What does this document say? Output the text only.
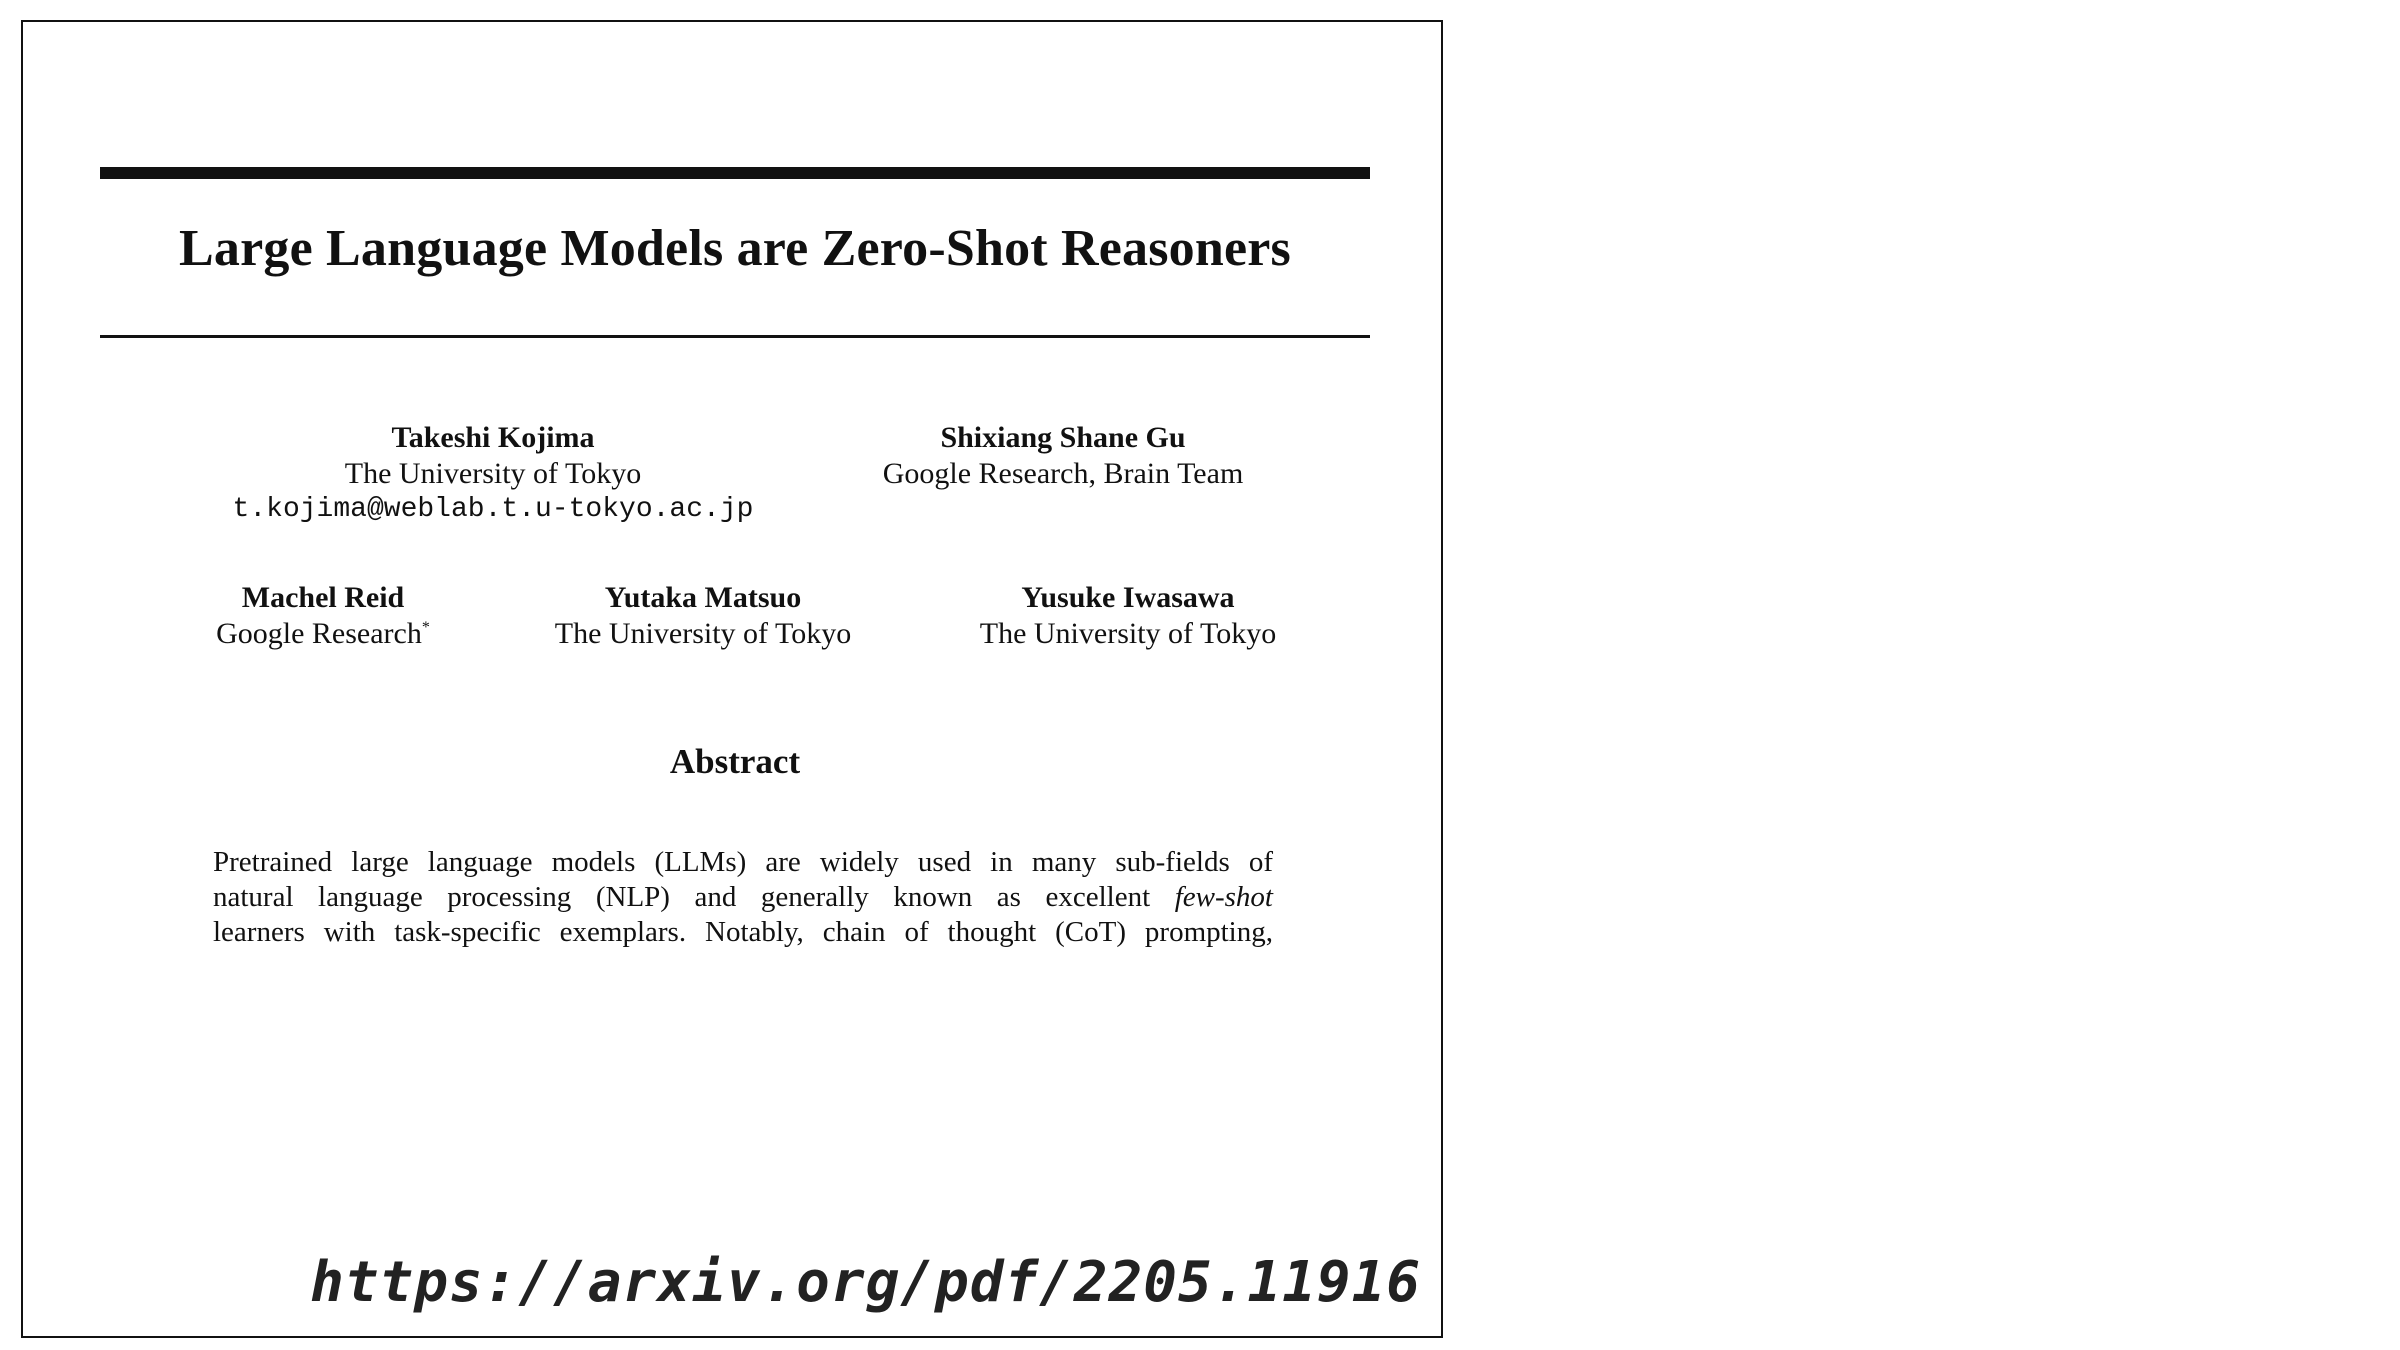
Large Language Models are Zero-Shot Reasoners
Takeshi Kojima
The University of Tokyo
t.kojima@weblab.t.u-tokyo.ac.jp
Shixiang Shane Gu
Google Research, Brain Team
Machel Reid
Google Research*
Yutaka Matsuo
The University of Tokyo
Yusuke Iwasawa
The University of Tokyo
Abstract
Pretrained large language models (LLMs) are widely used in many sub-fields of
natural language processing (NLP) and generally known as excellent few-shot
learners with task-specific exemplars. Notably, chain of thought (CoT) prompting,
https://arxiv.org/pdf/2205.11916
